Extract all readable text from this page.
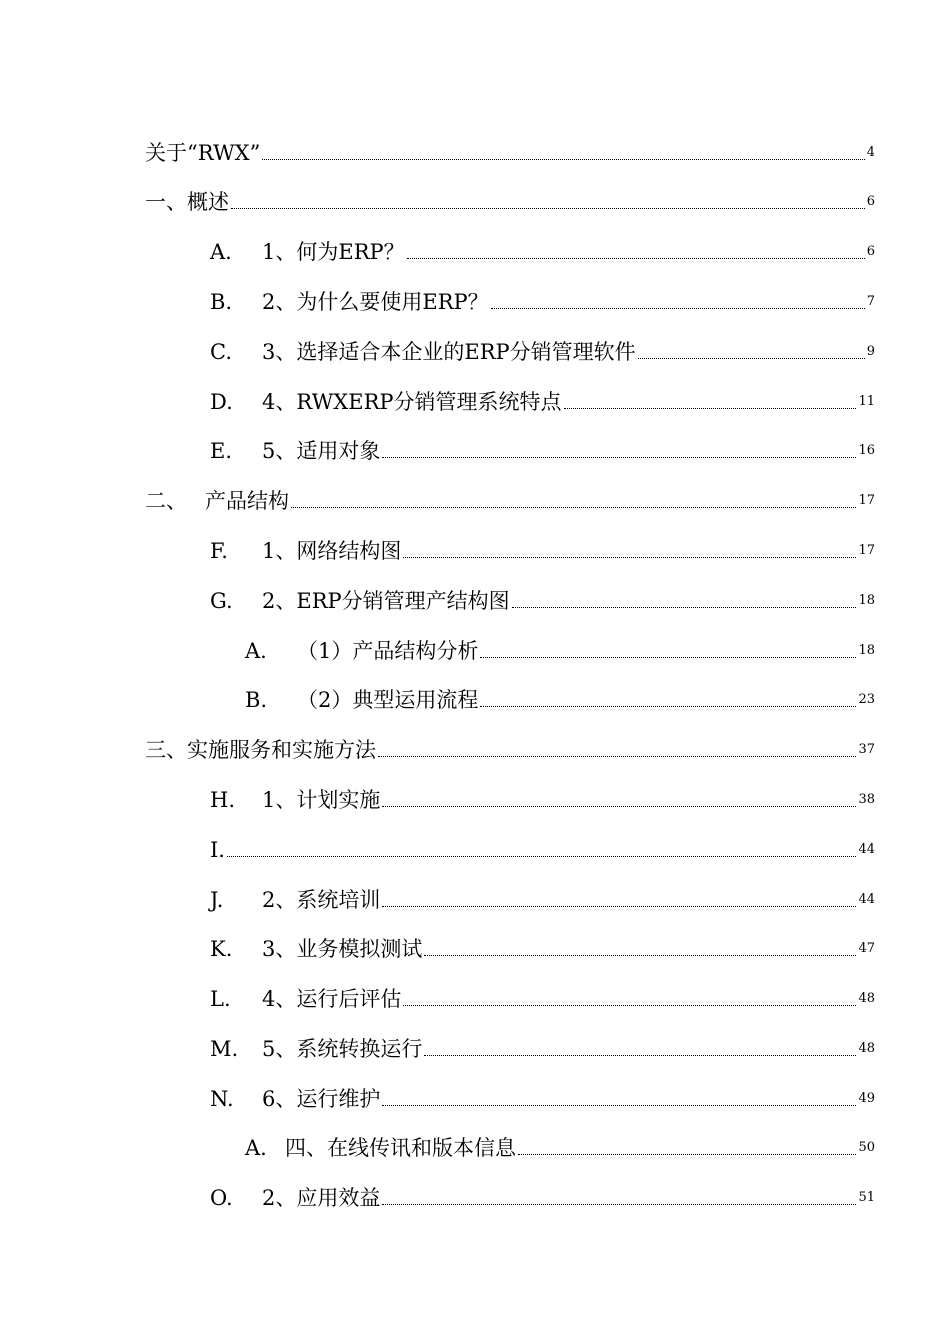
关于“RWX”	4
一、概述	6
A.	1、何为ERP？	6
B.	2、为什么要使用ERP？	7
C.	3、选择适合本企业的ERP分销管理软件	9
D.	4、RWXERP分销管理系统特点	11
E.	5、适用对象	16
二、 产品结构	17
F.	1、网络结构图	17
G.	2、ERP分销管理产结构图	18
A.	（1）产品结构分析	18
B.	（2）典型运用流程	23
三、实施服务和实施方法	37
H.	1、计划实施	38
I.	44
J.	2、系统培训	44
K.	3、业务模拟测试	47
L.	4、运行后评估	48
M.	5、系统转换运行	48
N.	6、运行维护	49
A. 四、在线传讯和版本信息	50
O.	2、应用效益	51
